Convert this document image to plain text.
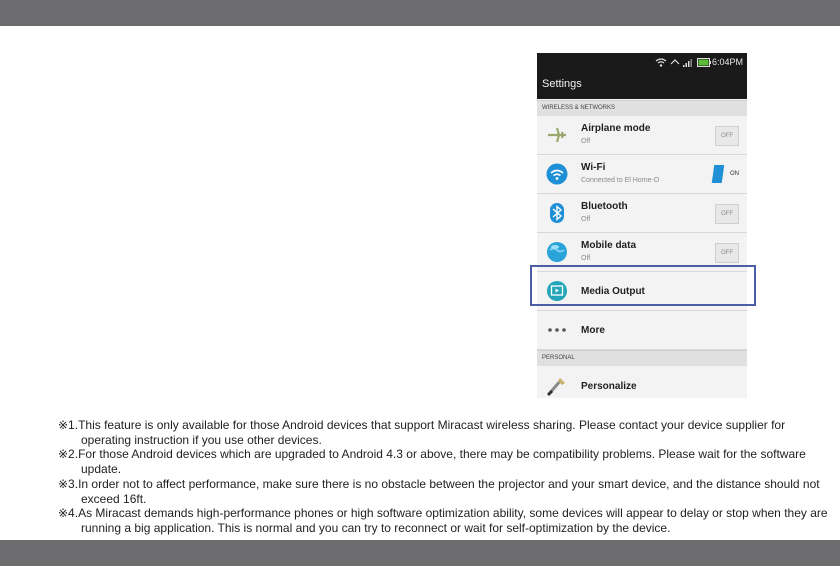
6:04PM
Settings
WIRELESS & NETWORKS
Airplane mode
Off
OFF
Wi-Fi
Connected to El Home-O
ON
Bluetooth
Off
OFF
Mobile data
Off
OFF
Media Output
More
PERSONAL
Personalize

※1.This feature is only available for those Android devices that support Miracast wireless sharing. Please contact your device supplier for operating instruction if you use other devices.

※2.For those Android devices which are upgraded to Android 4.3 or above, there may be compatibility problems. Please wait for the software update.

※3.In order not to affect performance, make sure there is no obstacle between the projector and your smart device, and the distance should not exceed 16ft.

※4.As Miracast demands high-performance phones or high software optimization ability, some devices will appear to delay or stop when they are running a big application. This is normal and you can try to reconnect or wait for self-optimization by the device.
